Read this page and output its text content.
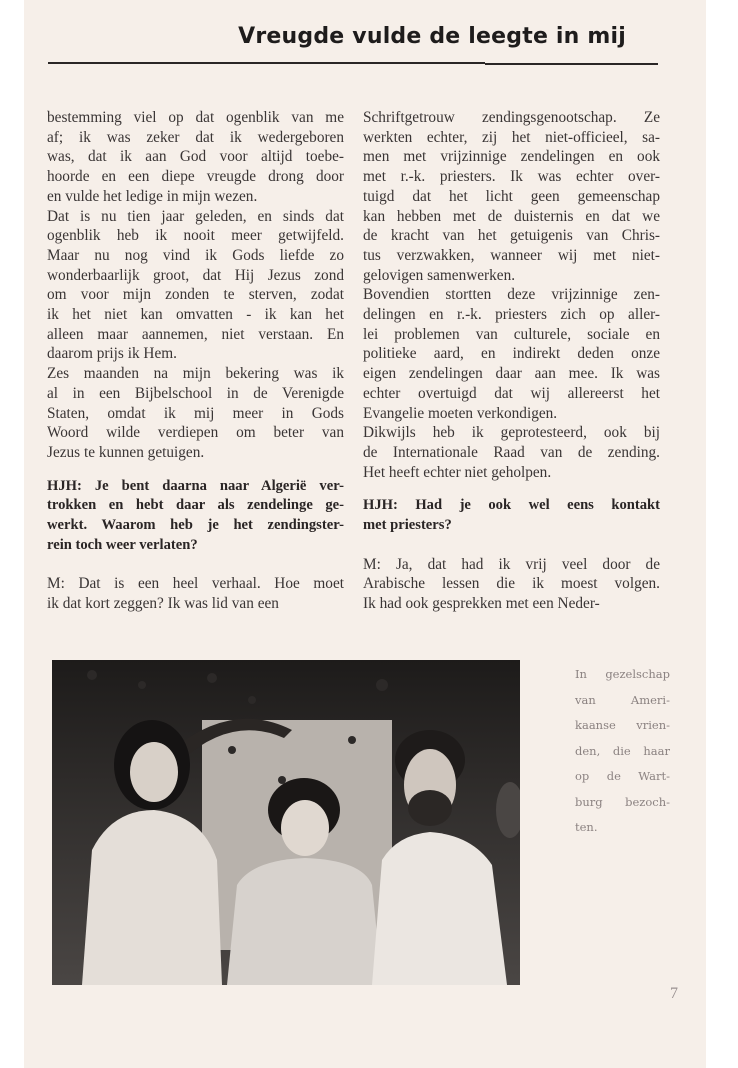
Vreugde vulde de leegte in mij
bestemming viel op dat ogenblik van me
af; ik was zeker dat ik wedergeboren
was, dat ik aan God voor altijd toebe-
hoorde en een diepe vreugde drong door
en vulde het ledige in mijn wezen.
Dat is nu tien jaar geleden, en sinds dat
ogenblik heb ik nooit meer getwijfeld.
Maar nu nog vind ik Gods liefde zo
wonderbaarlijk groot, dat Hij Jezus zond
om voor mijn zonden te sterven, zodat
ik het niet kan omvatten - ik kan het
alleen maar aannemen, niet verstaan. En
daarom prijs ik Hem.
Zes maanden na mijn bekering was ik
al in een Bijbelschool in de Verenigde
Staten, omdat ik mij meer in Gods
Woord wilde verdiepen om beter van
Jezus te kunnen getuigen.
HJH: Je bent daarna naar Algerië ver-
trokken en hebt daar als zendelinge ge-
werkt. Waarom heb je het zendingster-
rein toch weer verlaten?
M: Dat is een heel verhaal. Hoe moet
ik dat kort zeggen? Ik was lid van een
Schriftgetrouw zendingsgenootschap. Ze
werkten echter, zij het niet-officieel, sa-
men met vrijzinnige zendelingen en ook
met r.-k. priesters. Ik was echter over-
tuigd dat het licht geen gemeenschap
kan hebben met de duisternis en dat we
de kracht van het getuigenis van Chris-
tus verzwakken, wanneer wij met niet-
gelovigen samenwerken.
Bovendien stortten deze vrijzinnige zen-
delingen en r.-k. priesters zich op aller-
lei problemen van culturele, sociale en
politieke aard, en indirekt deden onze
eigen zendelingen daar aan mee. Ik was
echter overtuigd dat wij allereerst het
Evangelie moeten verkondigen.
Dikwijls heb ik geprotesteerd, ook bij
de Internationale Raad van de zending.
Het heeft echter niet geholpen.
HJH: Had je ook wel eens kontakt
met priesters?
M: Ja, dat had ik vrij veel door de
Arabische lessen die ik moest volgen.
Ik had ook gesprekken met een Neder-
In gezelschap
van Ameri-
kaanse vrien-
den, die haar
op de Wart-
burg bezoch-
ten.
7
